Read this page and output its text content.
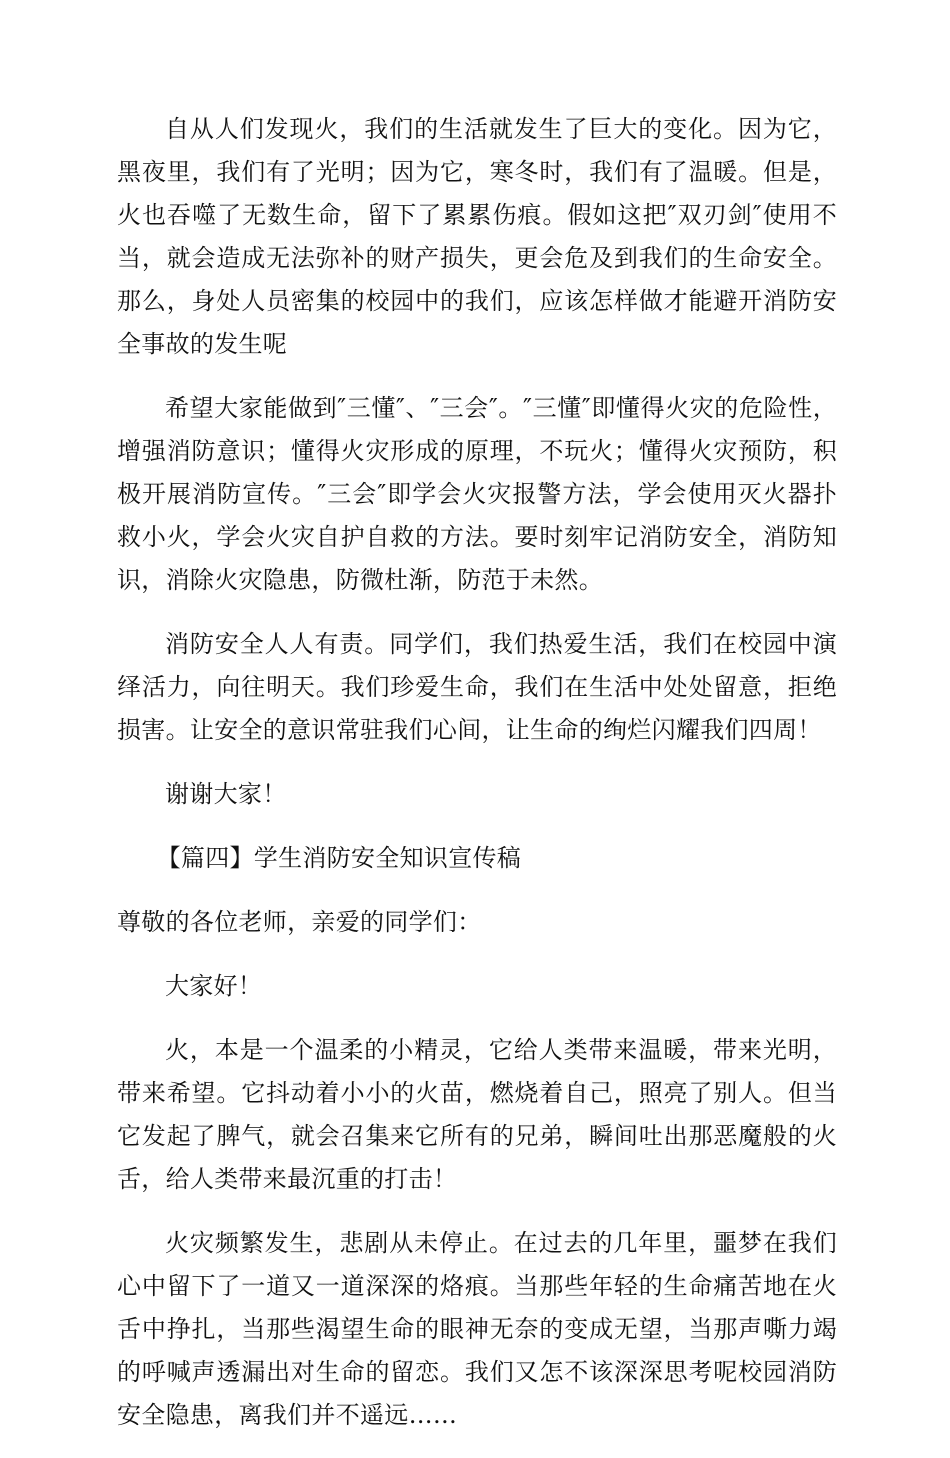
自从人们发现火，我们的生活就发生了巨大的变化。因为它，黑夜里，我们有了光明；因为它，寒冬时，我们有了温暖。但是，火也吞噬了无数生命，留下了累累伤痕。假如这把″双刃剑″使用不当，就会造成无法弥补的财产损失，更会危及到我们的生命安全。那么，身处人员密集的校园中的我们，应该怎样做才能避开消防安全事故的发生呢

希望大家能做到″三懂″、″三会″。″三懂″即懂得火灾的危险性，增强消防意识；懂得火灾形成的原理，不玩火；懂得火灾预防，积极开展消防宣传。″三会″即学会火灾报警方法，学会使用灭火器扑救小火，学会火灾自护自救的方法。要时刻牢记消防安全，消防知识，消除火灾隐患，防微杜渐，防范于未然。

消防安全人人有责。同学们，我们热爱生活，我们在校园中演绎活力，向往明天。我们珍爱生命，我们在生活中处处留意，拒绝损害。让安全的意识常驻我们心间，让生命的绚烂闪耀我们四周！

谢谢大家！

【篇四】学生消防安全知识宣传稿

尊敬的各位老师，亲爱的同学们：

大家好！

火，本是一个温柔的小精灵，它给人类带来温暖，带来光明，带来希望。它抖动着小小的火苗，燃烧着自己，照亮了别人。但当它发起了脾气，就会召集来它所有的兄弟，瞬间吐出那恶魔般的火舌，给人类带来最沉重的打击！

火灾频繁发生，悲剧从未停止。在过去的几年里，噩梦在我们心中留下了一道又一道深深的烙痕。当那些年轻的生命痛苦地在火舌中挣扎，当那些渴望生命的眼神无奈的变成无望，当那声嘶力竭的呼喊声透漏出对生命的留恋。我们又怎不该深深思考呢校园消防安全隐患，离我们并不遥远……
